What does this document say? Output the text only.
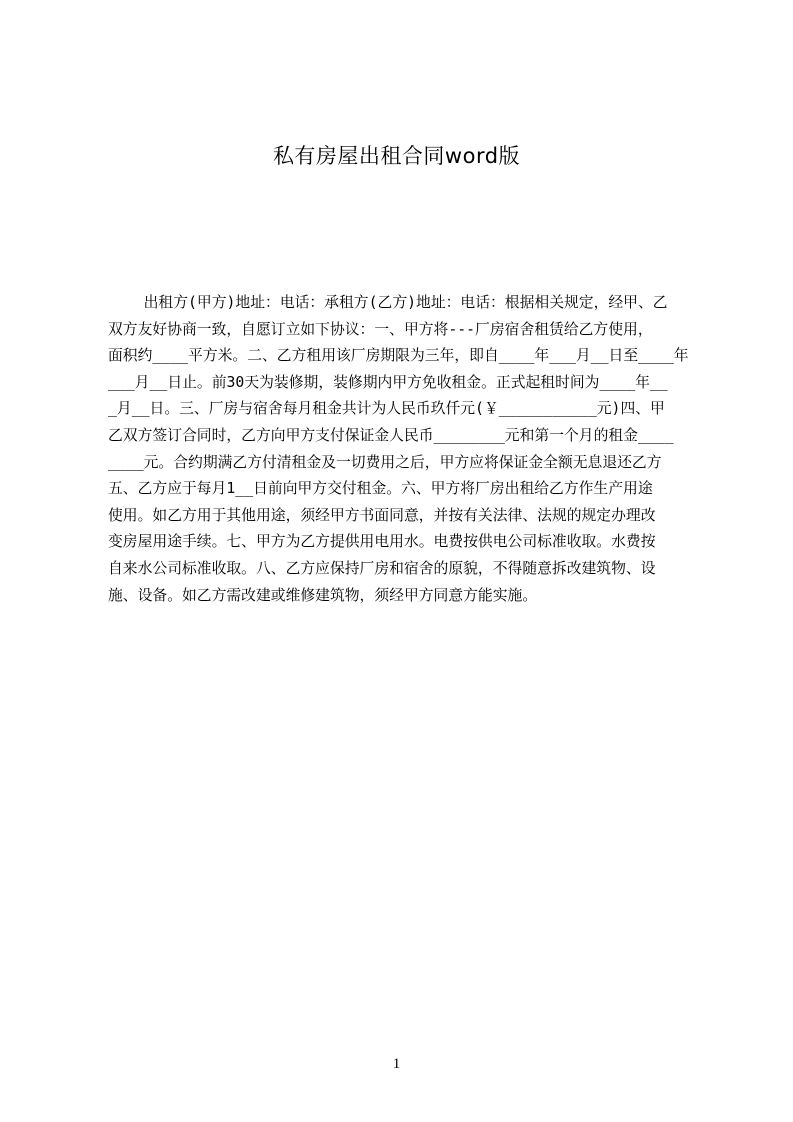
私有房屋出租合同word版
出租方(甲方)地址：电话：承租方(乙方)地址：电话：根据相关规定，经甲、乙
双方友好协商一致，自愿订立如下协议：一、甲方将---厂房宿舍租赁给乙方使用，
面积约____平方米。二、乙方租用该厂房期限为三年，即自____年___月__日至____年
___月__日止。前30天为装修期，装修期内甲方免收租金。正式起租时间为____年__
_月__日。三、厂房与宿舍每月租金共计为人民币玖仟元(￥___________元)四、甲
乙双方签订合同时，乙方向甲方支付保证金人民币________元和第一个月的租金____
____元。合约期满乙方付清租金及一切费用之后，甲方应将保证金全额无息退还乙方
五、乙方应于每月1__日前向甲方交付租金。六、甲方将厂房出租给乙方作生产用途
使用。如乙方用于其他用途，须经甲方书面同意，并按有关法律、法规的规定办理改
变房屋用途手续。七、甲方为乙方提供用电用水。电费按供电公司标准收取。水费按
自来水公司标准收取。八、乙方应保持厂房和宿舍的原貌，不得随意拆改建筑物、设
施、设备。如乙方需改建或维修建筑物，须经甲方同意方能实施。
1
